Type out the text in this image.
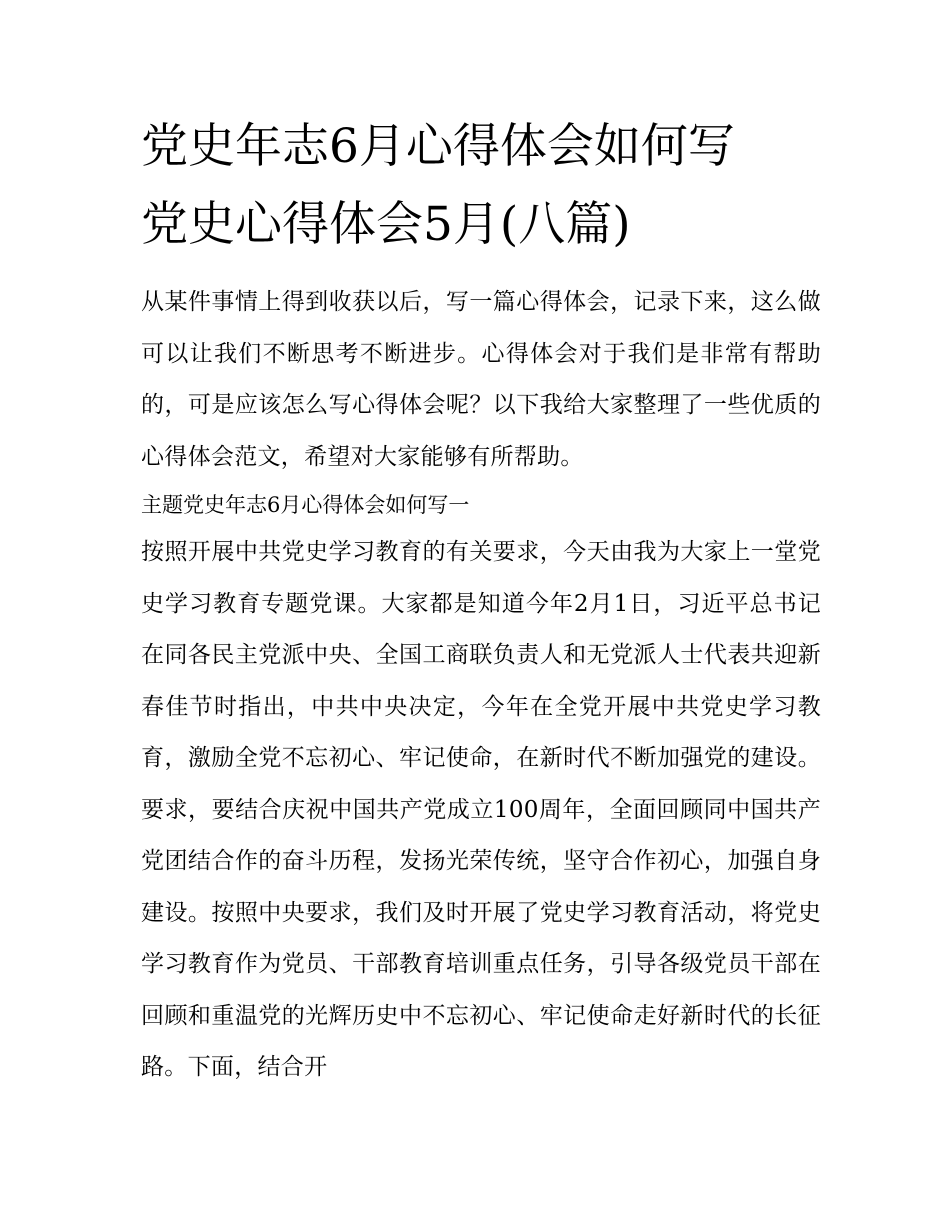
党史年志6月心得体会如何写
党史心得体会5月(八篇)

从某件事情上得到收获以后，写一篇心得体会，记录下来，这么做可以让我们不断思考不断进步。心得体会对于我们是非常有帮助的，可是应该怎么写心得体会呢？以下我给大家整理了一些优质的心得体会范文，希望对大家能够有所帮助。

主题党史年志6月心得体会如何写一

按照开展中共党史学习教育的有关要求，今天由我为大家上一堂党史学习教育专题党课。大家都是知道今年2月1日，习近平总书记在同各民主党派中央、全国工商联负责人和无党派人士代表共迎新春佳节时指出，中共中央决定，今年在全党开展中共党史学习教育，激励全党不忘初心、牢记使命，在新时代不断加强党的建设。要求，要结合庆祝中国共产党成立100周年，全面回顾同中国共产党团结合作的奋斗历程，发扬光荣传统，坚守合作初心，加强自身建设。按照中央要求，我们及时开展了党史学习教育活动，将党史学习教育作为党员、干部教育培训重点任务，引导各级党员干部在回顾和重温党的光辉历史中不忘初心、牢记使命走好新时代的长征路。下面，结合开
